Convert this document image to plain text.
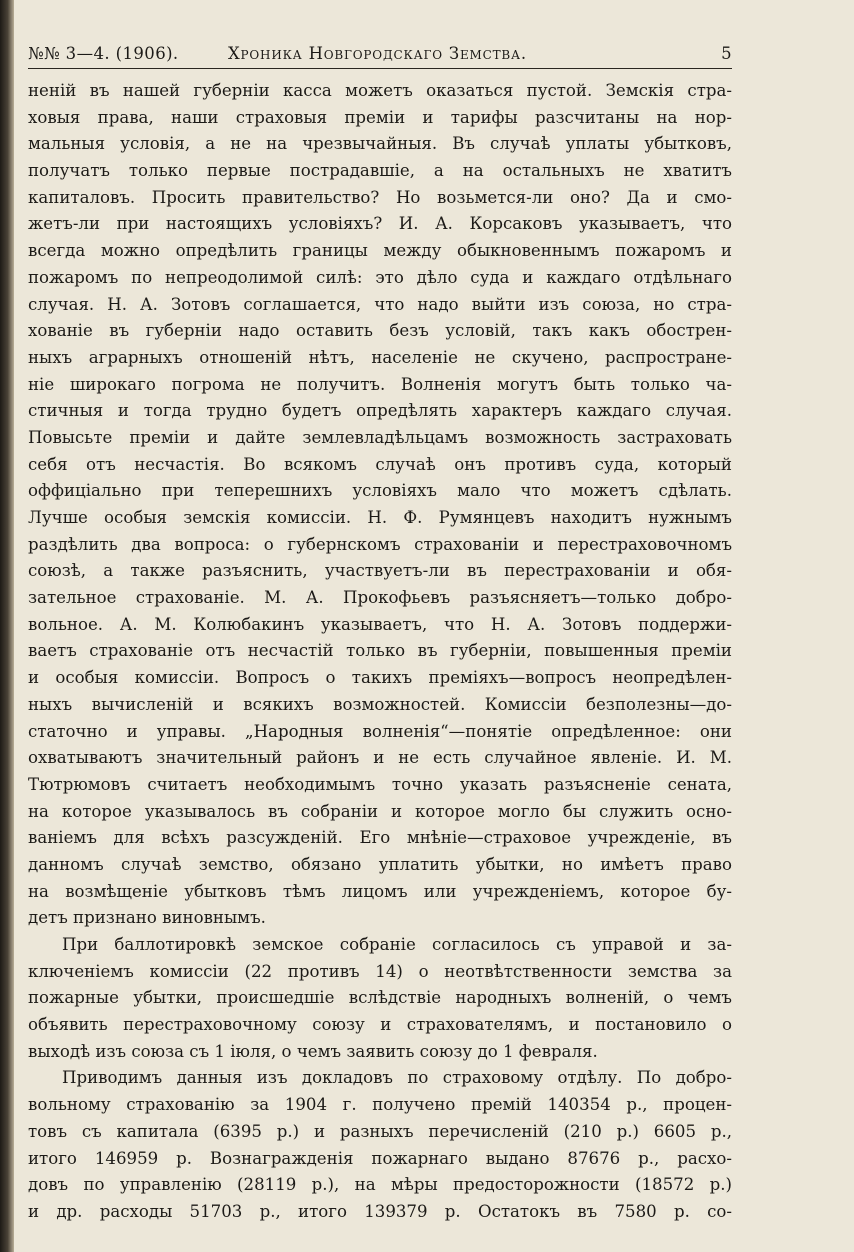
№№ 3—4. (1906).	Хроника Новгородскаго Земства.	5
ненiй въ нашей губернiи касса можетъ оказаться пустой. Земскiя стра-
ховыя права, наши страховыя премiи и тарифы разсчитаны на нор-
мальныя условiя, а не на чрезвычайныя. Въ случаѣ уплаты убытковъ,
получатъ только первые пострадавшiе, а на остальныхъ не хватитъ
капиталовъ. Просить правительство? Но возьмется-ли оно? Да и смо-
жетъ-ли при настоящихъ условiяхъ? И. А. Корсаковъ указываетъ, что
всегда можно опредѣлить границы между обыкновеннымъ пожаромъ и
пожаромъ по непреодолимой силѣ: это дѣло суда и каждаго отдѣльнаго
случая. Н. А. Зотовъ соглашается, что надо выйти изъ союза, но стра-
хованiе въ губернiи надо оставить безъ условiй, такъ какъ обострен-
ныхъ аграрныхъ отношенiй нѣтъ, населенiе не скучено, распростране-
нiе широкаго погрома не получитъ. Волненiя могутъ быть только ча-
стичныя и тогда трудно будетъ опредѣлять характеръ каждаго случая.
Повысьте премiи и дайте землевладѣльцамъ возможность застраховать
себя отъ несчастiя. Во всякомъ случаѣ онъ противъ суда, который
оффицiально при теперешнихъ условiяхъ мало что можетъ сдѣлать.
Лучше особыя земскiя комиссiи. Н. Ф. Румянцевъ находитъ нужнымъ
раздѣлить два вопроса: о губернскомъ страхованiи и перестраховочномъ
союзѣ, а также разъяснить, участвуетъ-ли въ перестрахованiи и обя-
зательное страхованiе. М. А. Прокофьевъ разъясняетъ—только добро-
вольное. А. М. Колюбакинъ указываетъ, что Н. А. Зотовъ поддержи-
ваетъ страхованiе отъ несчастiй только въ губернiи, повышенныя премiи
и особыя комиссiи. Вопросъ о такихъ премiяхъ—вопросъ неопредѣлен-
ныхъ вычисленiй и всякихъ возможностей. Комиссiи безполезны—до-
статочно и управы. „Народныя волненiя“—понятiе опредѣленное: они
охватываютъ значительный районъ и не есть случайное явленiе. И. М.
Тютрюмовъ считаетъ необходимымъ точно указать разъясненiе сената,
на которое указывалось въ собранiи и которое могло бы служить осно-
ванiемъ для всѣхъ разсужденiй. Его мнѣнiе—страховое учрежденiе, въ
данномъ случаѣ земство, обязано уплатить убытки, но имѣетъ право
на возмѣщенiе убытковъ тѣмъ лицомъ или учрежденiемъ, которое бу-
детъ признано виновнымъ.
При баллотировкѣ земское собранiе согласилось съ управой и за-
ключенiемъ комиссiи (22 противъ 14) о неотвѣтственности земства за
пожарные убытки, происшедшiе вслѣдствiе народныхъ волненiй, о чемъ
объявить перестраховочному союзу и страхователямъ, и постановило о
выходѣ изъ союза съ 1 iюля, о чемъ заявить союзу до 1 февраля.
Приводимъ данныя изъ докладовъ по страховому отдѣлу. По добро-
вольному страхованiю за 1904 г. получено премiй 140354 р., процен-
товъ съ капитала (6395 р.) и разныхъ перечисленiй (210 р.) 6605 р.,
итого 146959 р. Вознагражденiя пожарнаго выдано 87676 р., расхо-
довъ по управленiю (28119 р.), на мѣры предосторожности (18572 р.)
и др. расходы 51703 р., итого 139379 р. Остатокъ въ 7580 р. со-
